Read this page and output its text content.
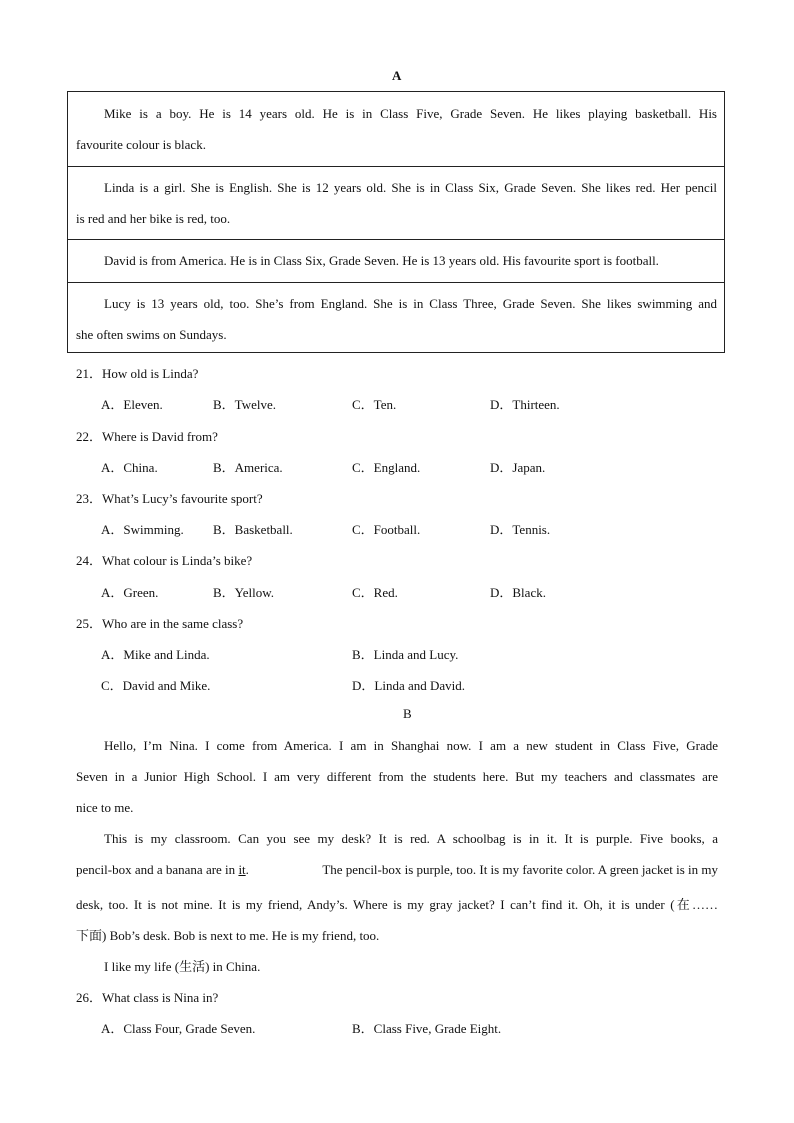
A
Mike is a boy. He is 14 years old. He is in Class Five, Grade Seven. He likes playing basketball. His
favourite colour is black.
Linda is a girl. She is English. She is 12 years old. She is in Class Six, Grade Seven. She likes red. Her pencil
is red and her bike is red, too.
David is from America. He is in Class Six, Grade Seven. He is 13 years old. His favourite sport is football.
Lucy is 13 years old, too. She’s from England. She is in Class Three, Grade Seven. She likes swimming and
she often swims on Sundays.
21．How old is Linda?
A．Eleven.	B．Twelve.	C．Ten.	D．Thirteen.
22．Where is David from?
A．China.	B．America.	C．England.	D．Japan.
23．What’s Lucy’s favourite sport?
A．Swimming. B．Basketball.	C．Football.	D．Tennis.
24．What colour is Linda’s bike?
A．Green.	B．Yellow.	C．Red.	D．Black.
25．Who are in the same class?
A．Mike and Linda.	B．Linda and Lucy.
C．David and Mike.	D．Linda and David.
B
Hello, I’m Nina. I come from America. I am in Shanghai now. I am a new student in Class Five, Grade
Seven in a Junior High School. I am very different from the students here. But my teachers and classmates are
nice to me.
This is my classroom. Can you see my desk? It is red. A schoolbag is in it. It is purple. Five books, a
pencil-box and a banana are in it.	The pencil-box is purple, too. It is my favorite color. A green jacket is in my
desk, too. It is not mine. It is my friend, Andy’s. Where is my gray jacket? I can’t find it. Oh, it is under (在……
下面) Bob’s desk. Bob is next to me. He is my friend, too.
I like my life (生活) in China.
26．What class is Nina in?
A．Class Four, Grade Seven.	B．Class Five, Grade Eight.
